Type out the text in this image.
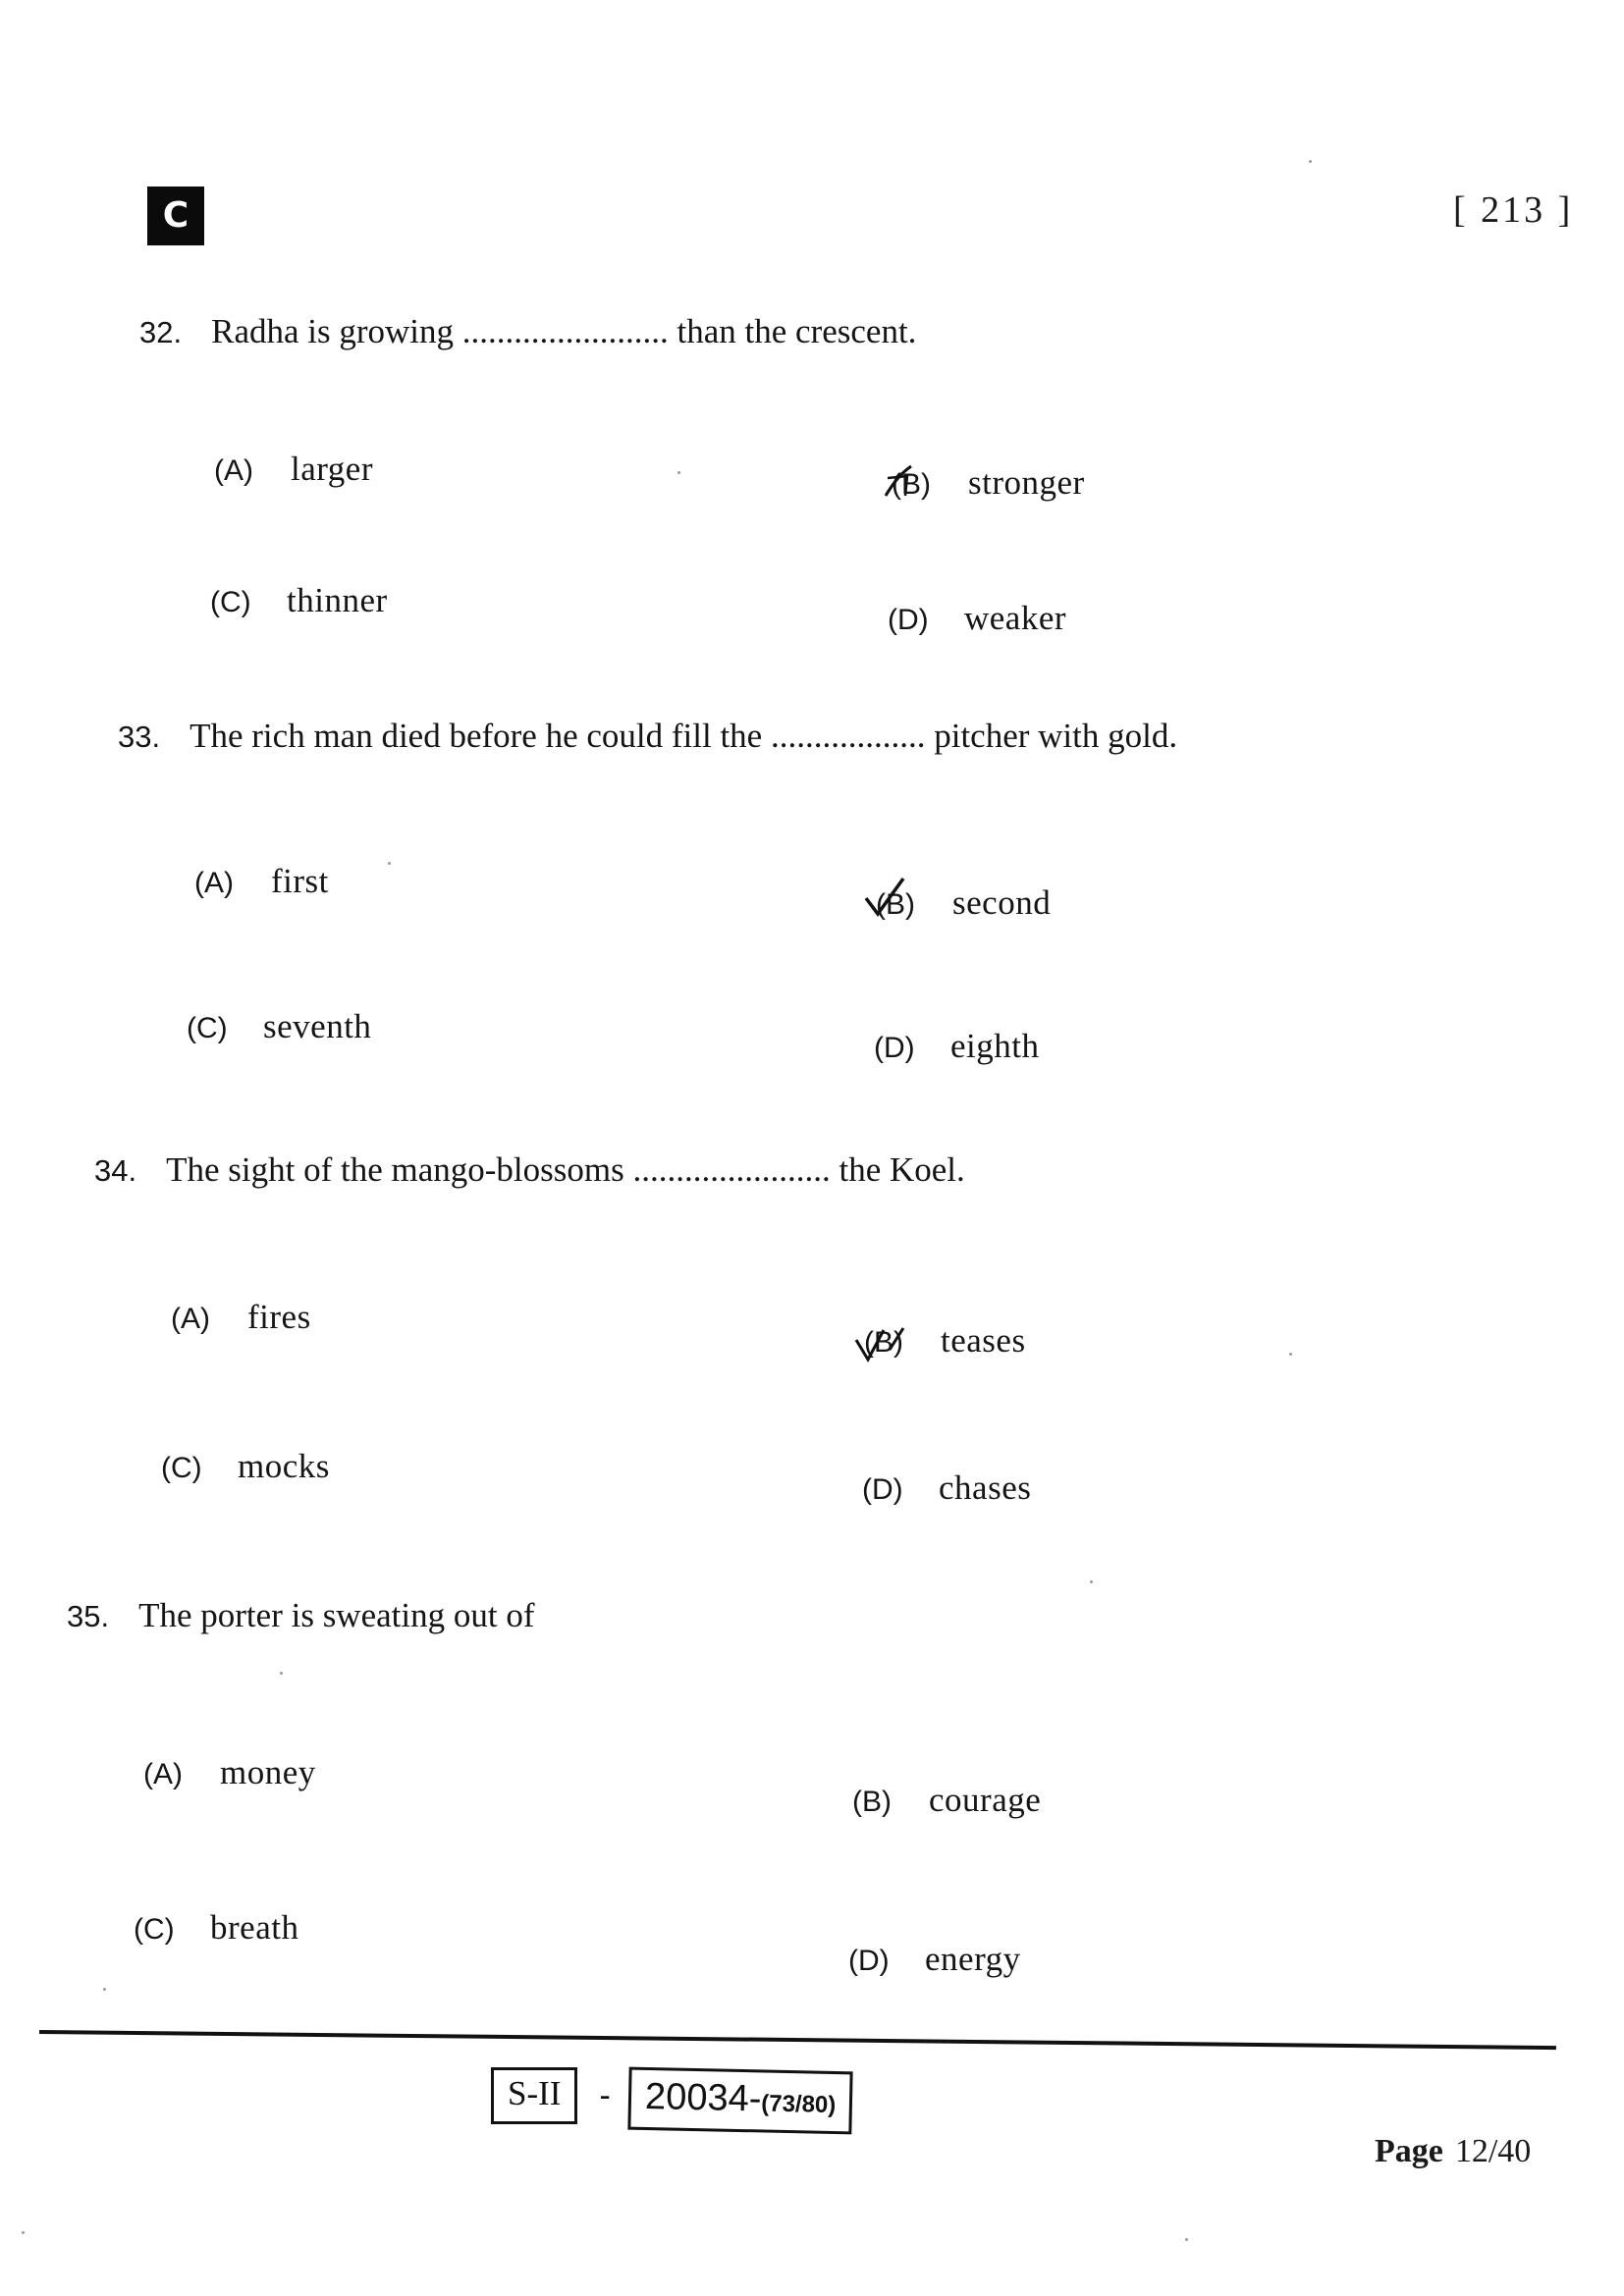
C	[ 213 ]
32. Radha is growing ........................ than the crescent.
(A)	larger	(B)	stronger
(C)	thinner
(D)	weaker
33. The rich man died before he could fill the .................. pitcher with gold.
(A)	first
(B)	second
(C)	seventh
(D)	eighth
34. The sight of the mango-blossoms ....................... the Koel.
(A)	fires
(B)	teases
(C)	mocks
(D)	chases
35. The porter is sweating out of
(A)	money
(B)	courage
(C)	breath
(D)	energy
S-II	- 20034- (73/80)
Page 12/40
